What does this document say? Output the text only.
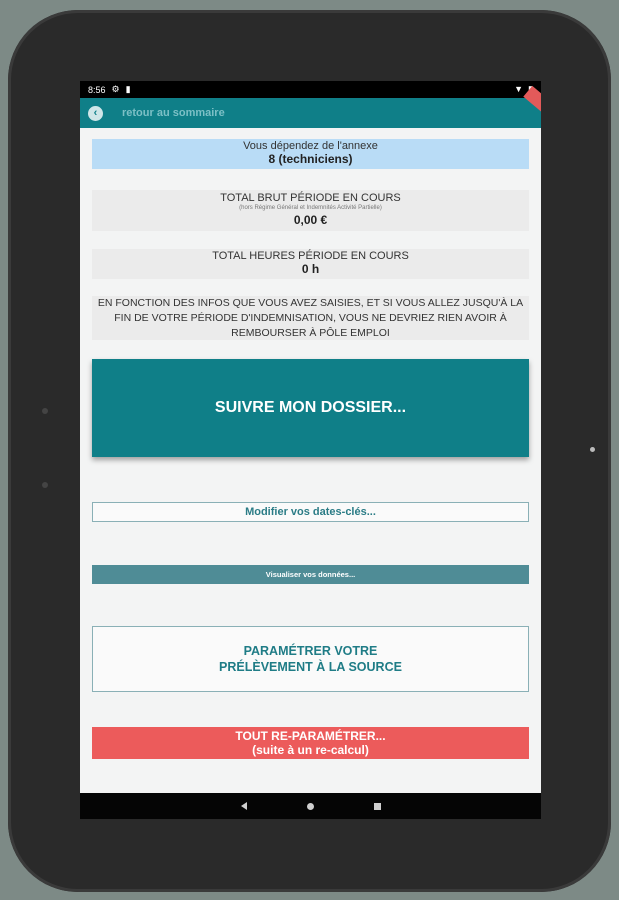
8:56 ⚙ ▮	▼
‹	retour au sommaire
Vous dépendez de l'annexe
8 (techniciens)
TOTAL BRUT PÉRIODE EN COURS
(hors Régime Général et Indemnités Activité Partielle)
0,00 €
TOTAL HEURES PÉRIODE EN COURS
0 h
EN FONCTION DES INFOS QUE VOUS AVEZ SAISIES, ET SI VOUS ALLEZ JUSQU'À LA FIN DE VOTRE PÉRIODE D'INDEMNISATION, VOUS NE DEVRIEZ RIEN AVOIR À REMBOURSER À PÔLE EMPLOI
SUIVRE MON DOSSIER...
Modifier vos dates-clés...
Visualiser vos données...
PARAMÉTRER VOTRE
PRÉLÈVEMENT À LA SOURCE
TOUT RE-PARAMÉTRER...
(suite à un re-calcul)
